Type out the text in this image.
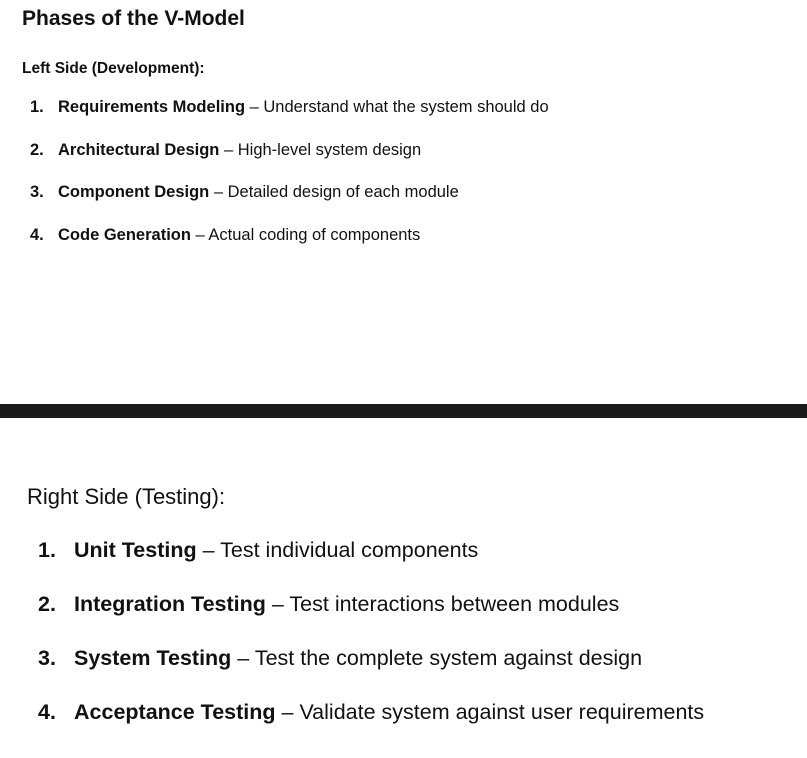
Phases of the V-Model
Left Side (Development):
1. Requirements Modeling – Understand what the system should do
2. Architectural Design – High-level system design
3. Component Design – Detailed design of each module
4. Code Generation – Actual coding of components
Right Side (Testing):
1. Unit Testing – Test individual components
2. Integration Testing – Test interactions between modules
3. System Testing – Test the complete system against design
4. Acceptance Testing – Validate system against user requirements
